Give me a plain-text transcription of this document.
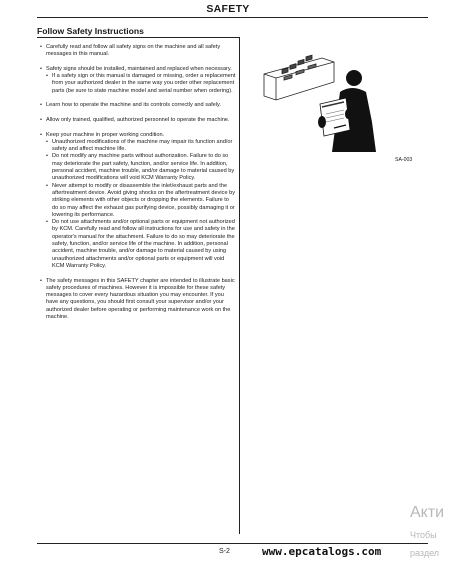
SAFETY
Follow Safety Instructions

• Carefully read and follow all safety signs on the machine and all safety messages in this manual.

• Safety signs should be installed, maintained and replaced when necessary.

• If a safety sign or this manual is damaged or missing, order a replacement from your authorized dealer in the same way you order other replacement parts (be sure to state machine model and serial number when ordering).

• Learn how to operate the machine and its controls correctly and safely.

• Allow only trained, qualified, authorized personnel to operate the machine.

• Keep your machine in proper working condition.

• Unauthorized modifications of the machine may impair its function and/or safety and affect machine life.

• Do not modify any machine parts without authorization. Failure to do so may deteriorate the part safety, function, and/or service life. In addition, personal accident, machine trouble, and/or damage to material caused by unauthorized modifications will void KCM Warranty Policy.

• Never attempt to modify or disassemble the inlet/exhaust parts and the aftertreatment device. Avoid giving shocks on the aftertreatment device by striking elements with other objects or dropping the elements. Failure to do so may affect the exhaust gas purifying device, possibly damaging it or lowering its performance.

• Do not use attachments and/or optional parts or equipment not authorized by KCM. Carefully read and follow all instructions for use and safety in the operator's manual for the attachment. Failure to do so may deteriorate the safety, function, and/or service life of the machine. In addition, personal accident, machine trouble, and/or damage to material caused by using unauthorized attachments and/or optional parts or equipment will void KCM Warranty Policy.

• The safety messages in this SAFETY chapter are intended to illustrate basic safety procedures of machines. However it is impossible for these safety messages to cover every hazardous situation you may encounter. If you have any questions, you should first consult your supervisor and/or your authorized dealer before operating or performing maintenance work on the machine.

SA-003
S-2	www.epcatalogs.com
Акти
Чтобы
раздел
